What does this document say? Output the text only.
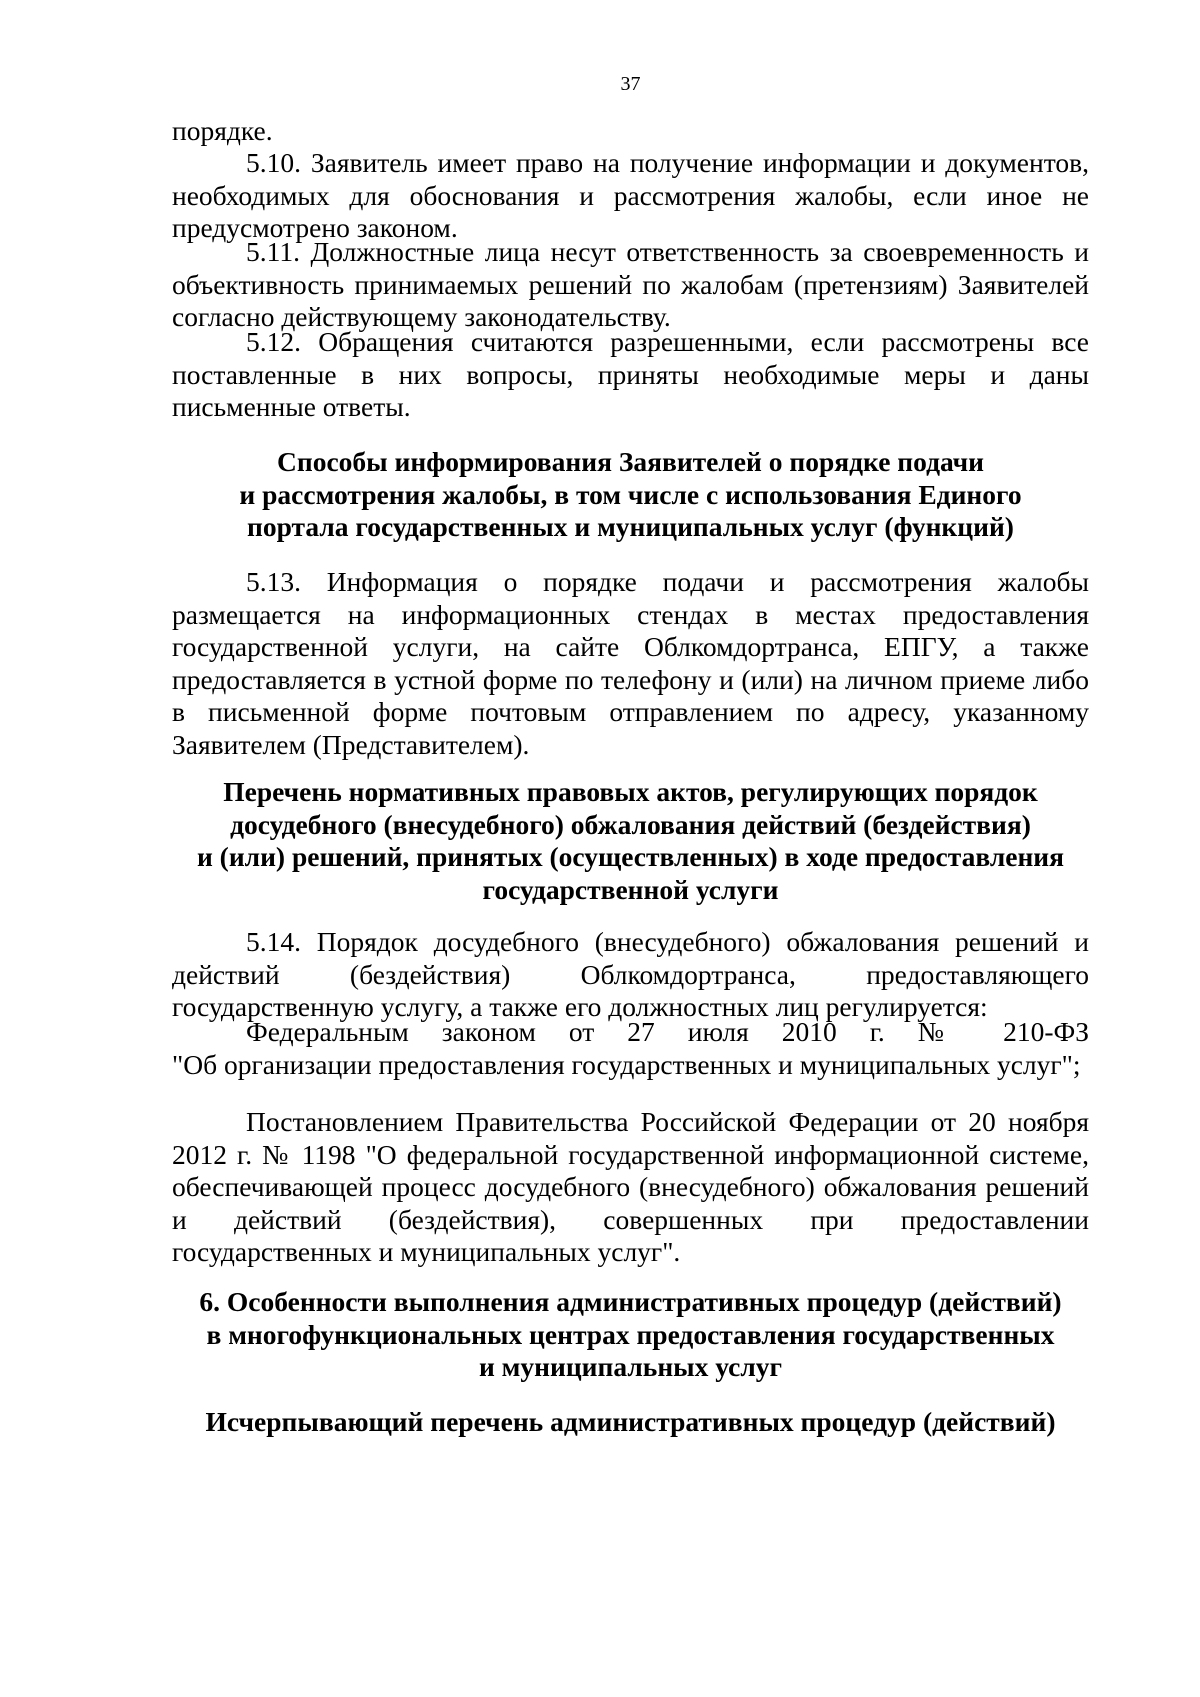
37

порядке.

5.10. Заявитель имеет право на получение информации и документов, необходимых для обоснования и рассмотрения жалобы, если иное не предусмотрено законом.

5.11. Должностные лица несут ответственность за своевременность и объективность принимаемых решений по жалобам (претензиям) Заявителей согласно действующему законодательству.

5.12. Обращения считаются разрешенными, если рассмотрены все поставленные в них вопросы, приняты необходимые меры и даны письменные ответы.

Способы информирования Заявителей о порядке подачи
и рассмотрения жалобы, в том числе с использования Единого
портала государственных и муниципальных услуг (функций)

5.13. Информация о порядке подачи и рассмотрения жалобы размещается на информационных стендах в местах предоставления государственной услуги, на сайте Облкомдортранса, ЕПГУ, а также предоставляется в устной форме по телефону и (или) на личном приеме либо в письменной форме почтовым отправлением по адресу, указанному Заявителем (Представителем).

Перечень нормативных правовых актов, регулирующих порядок
досудебного (внесудебного) обжалования действий (бездействия)
и (или) решений, принятых (осуществленных) в ходе предоставления
государственной услуги

5.14. Порядок досудебного (внесудебного) обжалования решений и действий (бездействия) Облкомдортранса, предоставляющего государственную услугу, а также его должностных лиц регулируется:

Федеральным законом от 27 июля 2010 г. № 210-ФЗ

"Об организации предоставления государственных и муниципальных услуг";

Постановлением Правительства Российской Федерации от 20 ноября 2012 г. № 1198 "О федеральной государственной информационной системе, обеспечивающей процесс досудебного (внесудебного) обжалования решений и действий (бездействия), совершенных при предоставлении государственных и муниципальных услуг".

6. Особенности выполнения административных процедур (действий)
в многофункциональных центрах предоставления государственных
и муниципальных услуг
Исчерпывающий перечень административных процедур (действий)
